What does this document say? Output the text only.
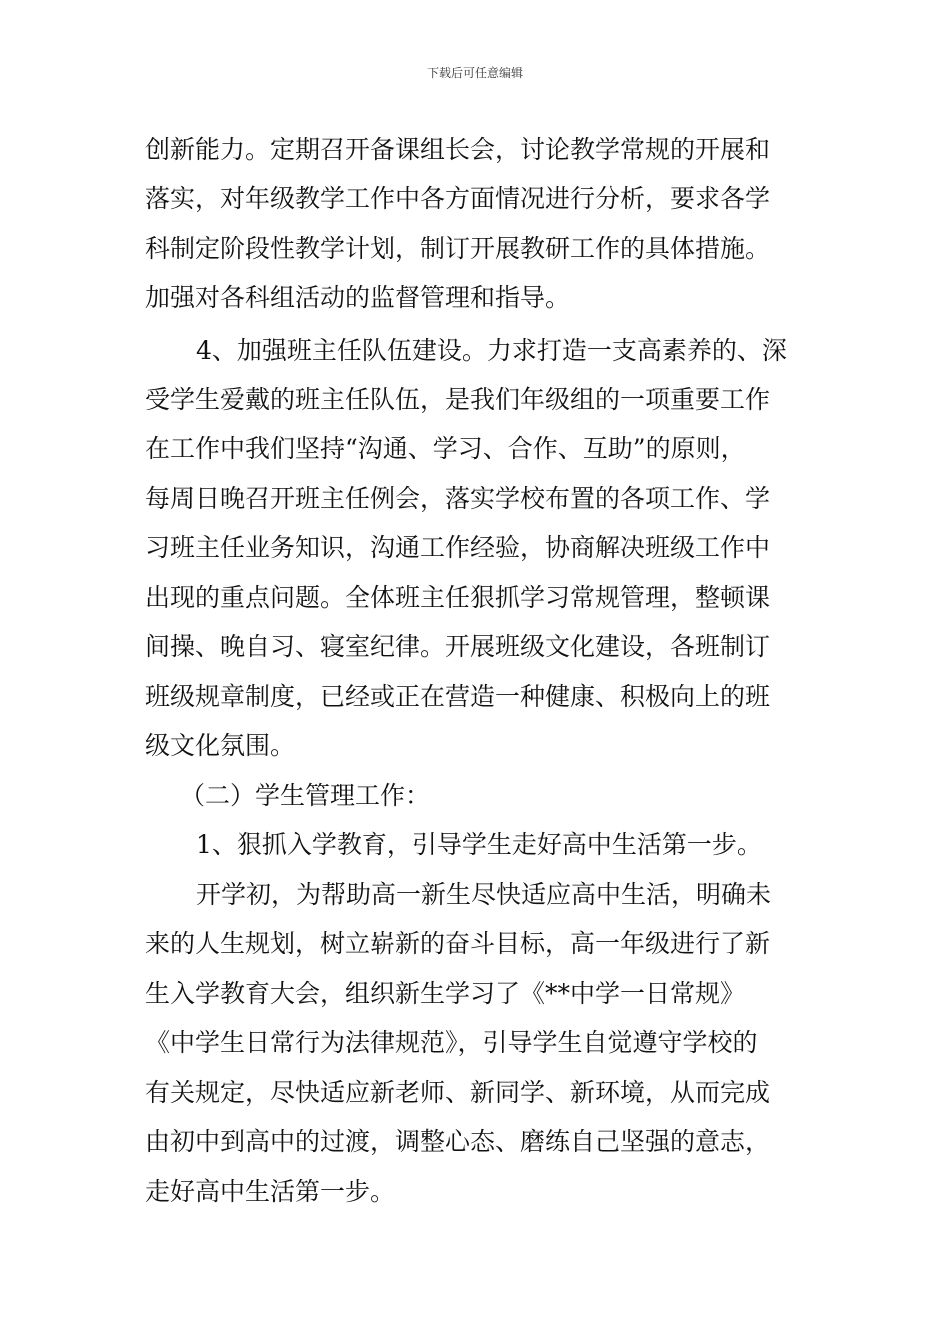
下载后可任意编辑
创新能力。定期召开备课组长会，讨论教学常规的开展和
落实，对年级教学工作中各方面情况进行分析，要求各学
科制定阶段性教学计划，制订开展教研工作的具体措施。
加强对各科组活动的监督管理和指导。
4、加强班主任队伍建设。力求打造一支高素养的、深
受学生爱戴的班主任队伍，是我们年级组的一项重要工作
在工作中我们坚持“沟通、学习、合作、互助”的原则，
每周日晚召开班主任例会，落实学校布置的各项工作、学
习班主任业务知识，沟通工作经验，协商解决班级工作中
出现的重点问题。全体班主任狠抓学习常规管理，整顿课
间操、晚自习、寝室纪律。开展班级文化建设，各班制订
班级规章制度，已经或正在营造一种健康、积极向上的班
级文化氛围。
（二）学生管理工作：
1、狠抓入学教育，引导学生走好高中生活第一步。
开学初，为帮助高一新生尽快适应高中生活，明确未
来的人生规划，树立崭新的奋斗目标，高一年级进行了新
生入学教育大会，组织新生学习了《**中学一日常规》
《中学生日常行为法律规范》，引导学生自觉遵守学校的
有关规定，尽快适应新老师、新同学、新环境，从而完成
由初中到高中的过渡，调整心态、磨练自己坚强的意志，
走好高中生活第一步。
